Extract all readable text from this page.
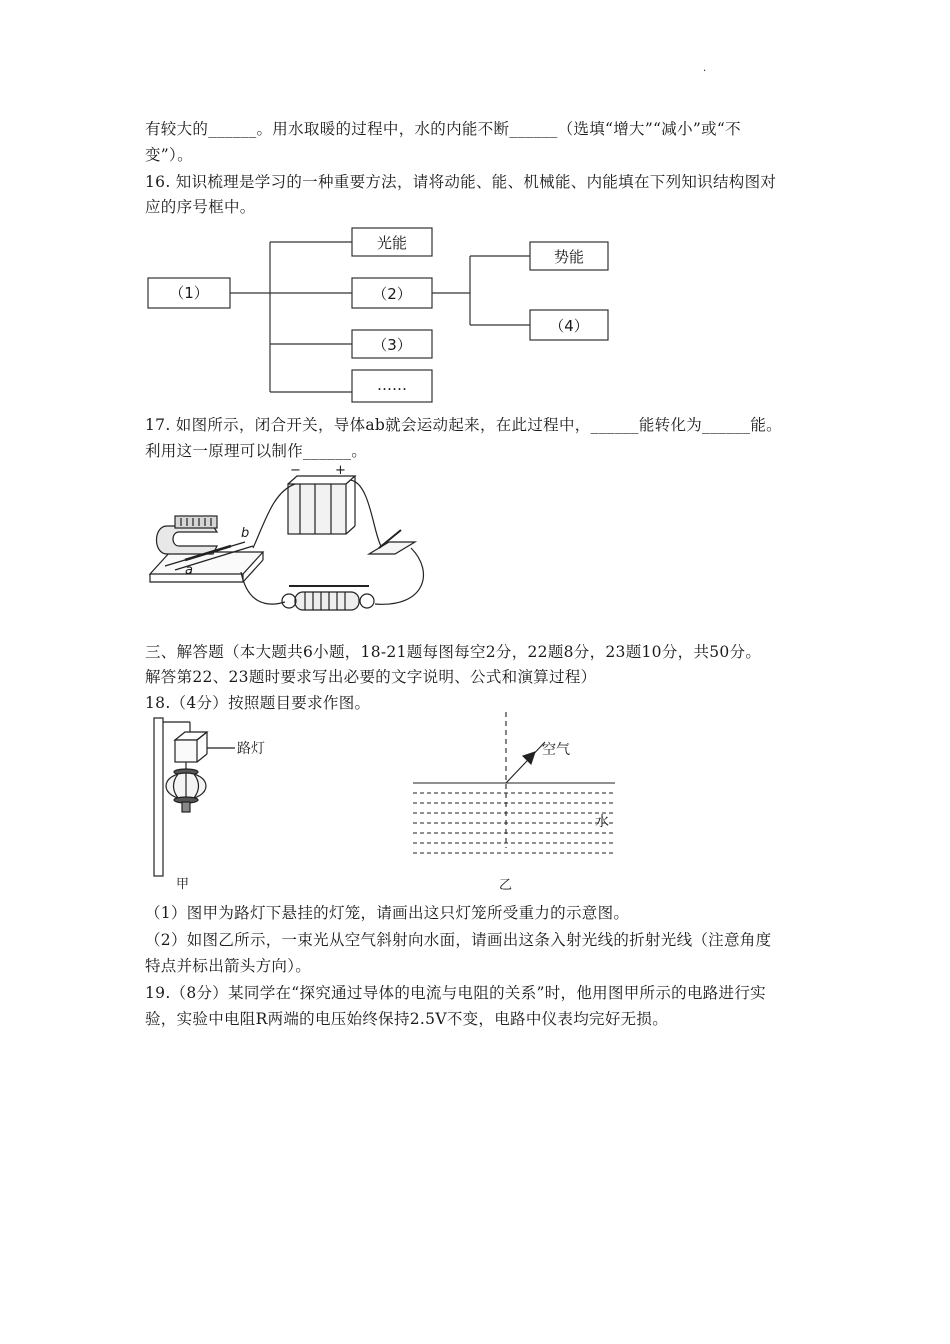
·
有较大的______。用水取暖的过程中，水的内能不断______（选填“增大”“减小”或“不
变”）。
16. 知识梳理是学习的一种重要方法，请将动能、能、机械能、内能填在下列知识结构图对
应的序号框中。
（1）
光能
（2）
（3）
……
势能
（4）
17. 如图所示，闭合开关，导体ab就会运动起来，在此过程中，______能转化为______能。
利用这一原理可以制作______。
−	+
a
b
三、解答题（本大题共6小题，18-21题每图每空2分，22题8分，23题10分，共50分。
解答第22、23题时要求写出必要的文字说明、公式和演算过程）
18.（4分）按照题目要求作图。
路灯
甲
空气
水
乙
（1）图甲为路灯下悬挂的灯笼，请画出这只灯笼所受重力的示意图。
（2）如图乙所示，一束光从空气斜射向水面，请画出这条入射光线的折射光线（注意角度
特点并标出箭头方向）。
19.（8分）某同学在“探究通过导体的电流与电阻的关系”时，他用图甲所示的电路进行实
验，实验中电阻R两端的电压始终保持2.5V不变，电路中仪表均完好无损。
